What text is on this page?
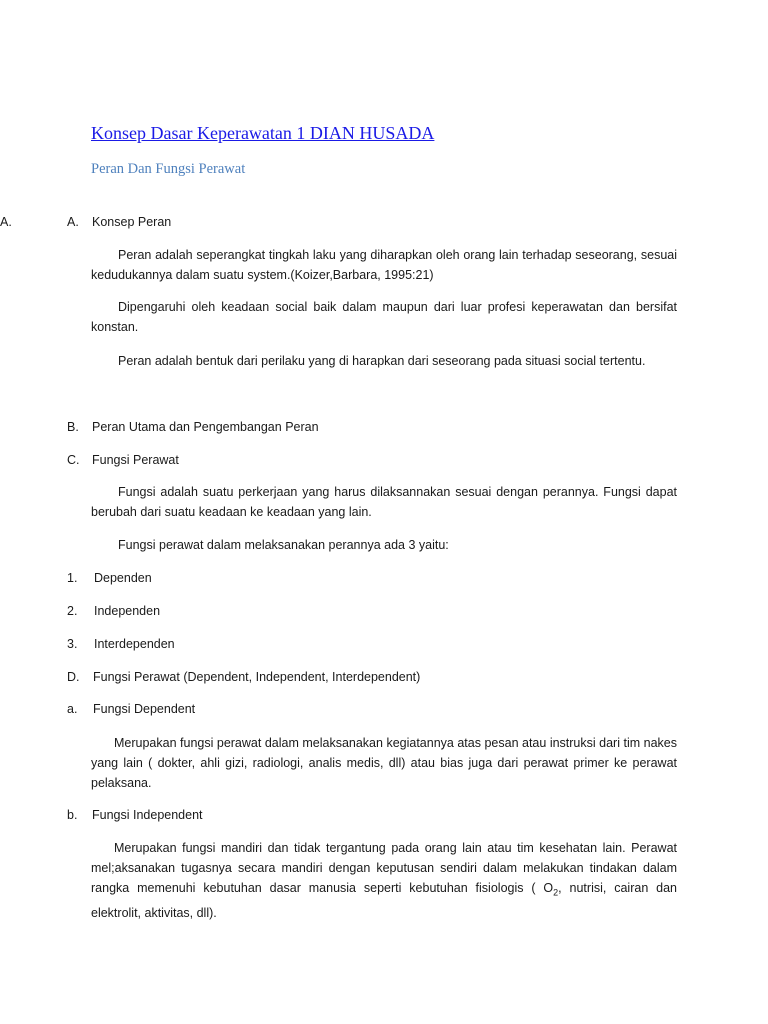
Konsep Dasar Keperawatan 1 DIAN HUSADA
Peran Dan Fungsi Perawat
A.	A. Konsep Peran
Peran adalah seperangkat tingkah laku yang diharapkan oleh orang lain terhadap seseorang, sesuai kedudukannya dalam suatu system.(Koizer,Barbara, 1995:21)
Dipengaruhi oleh keadaan social baik dalam maupun dari luar profesi keperawatan dan bersifat konstan.
Peran adalah bentuk dari perilaku yang di harapkan dari seseorang pada situasi social tertentu.
B. Peran Utama dan Pengembangan Peran
C. Fungsi Perawat
Fungsi adalah suatu perkerjaan yang harus dilaksannakan sesuai dengan perannya. Fungsi dapat berubah dari suatu keadaan ke keadaan yang lain.
Fungsi perawat dalam melaksanakan perannya ada 3 yaitu:
1. Dependen
2. Independen
3. Interdependen
D. Fungsi Perawat (Dependent, Independent, Interdependent)
a. Fungsi Dependent
Merupakan fungsi perawat dalam melaksanakan kegiatannya atas pesan atau instruksi dari tim nakes yang lain ( dokter, ahli gizi, radiologi, analis medis, dll) atau bias juga dari perawat primer ke perawat pelaksana.
b. Fungsi Independent
Merupakan fungsi mandiri dan tidak tergantung pada orang lain atau tim kesehatan lain. Perawat mel;aksanakan tugasnya secara mandiri dengan keputusan sendiri dalam melakukan tindakan dalam rangka memenuhi kebutuhan dasar manusia seperti kebutuhan fisiologis ( $O_2$, nutrisi, cairan dan elektrolit, aktivitas, dll).
